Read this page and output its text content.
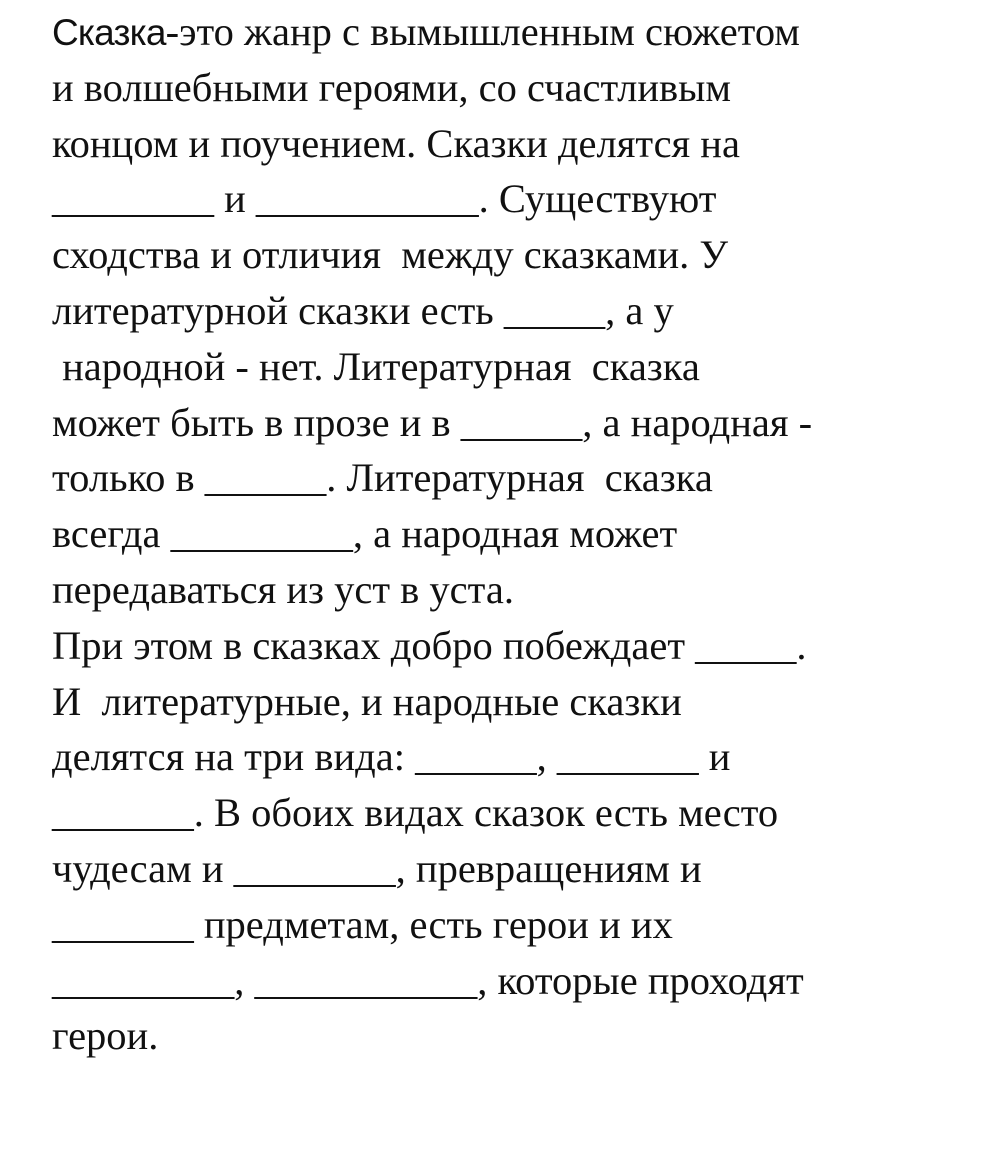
Сказка-это жанр с вымышленным сюжетом
и волшебными героями, со счастливым
концом и поучением. Сказки делятся на
________ и ___________. Существуют
сходства и отличия  между сказками. У
литературной сказки есть _____, а у
народной - нет. Литературная  сказка
может быть в прозе и в ______, а народная -
только в ______. Литературная  сказка
всегда _________, а народная может
передаваться из уст в уста.
При этом в сказках добро побеждает _____.
И  литературные, и народные сказки
делятся на три вида: ______, _______ и
_______. В обоих видах сказок есть место
чудесам и ________, превращениям и
_______ предметам, есть герои и их
_________, ___________, которые проходят
герои.
